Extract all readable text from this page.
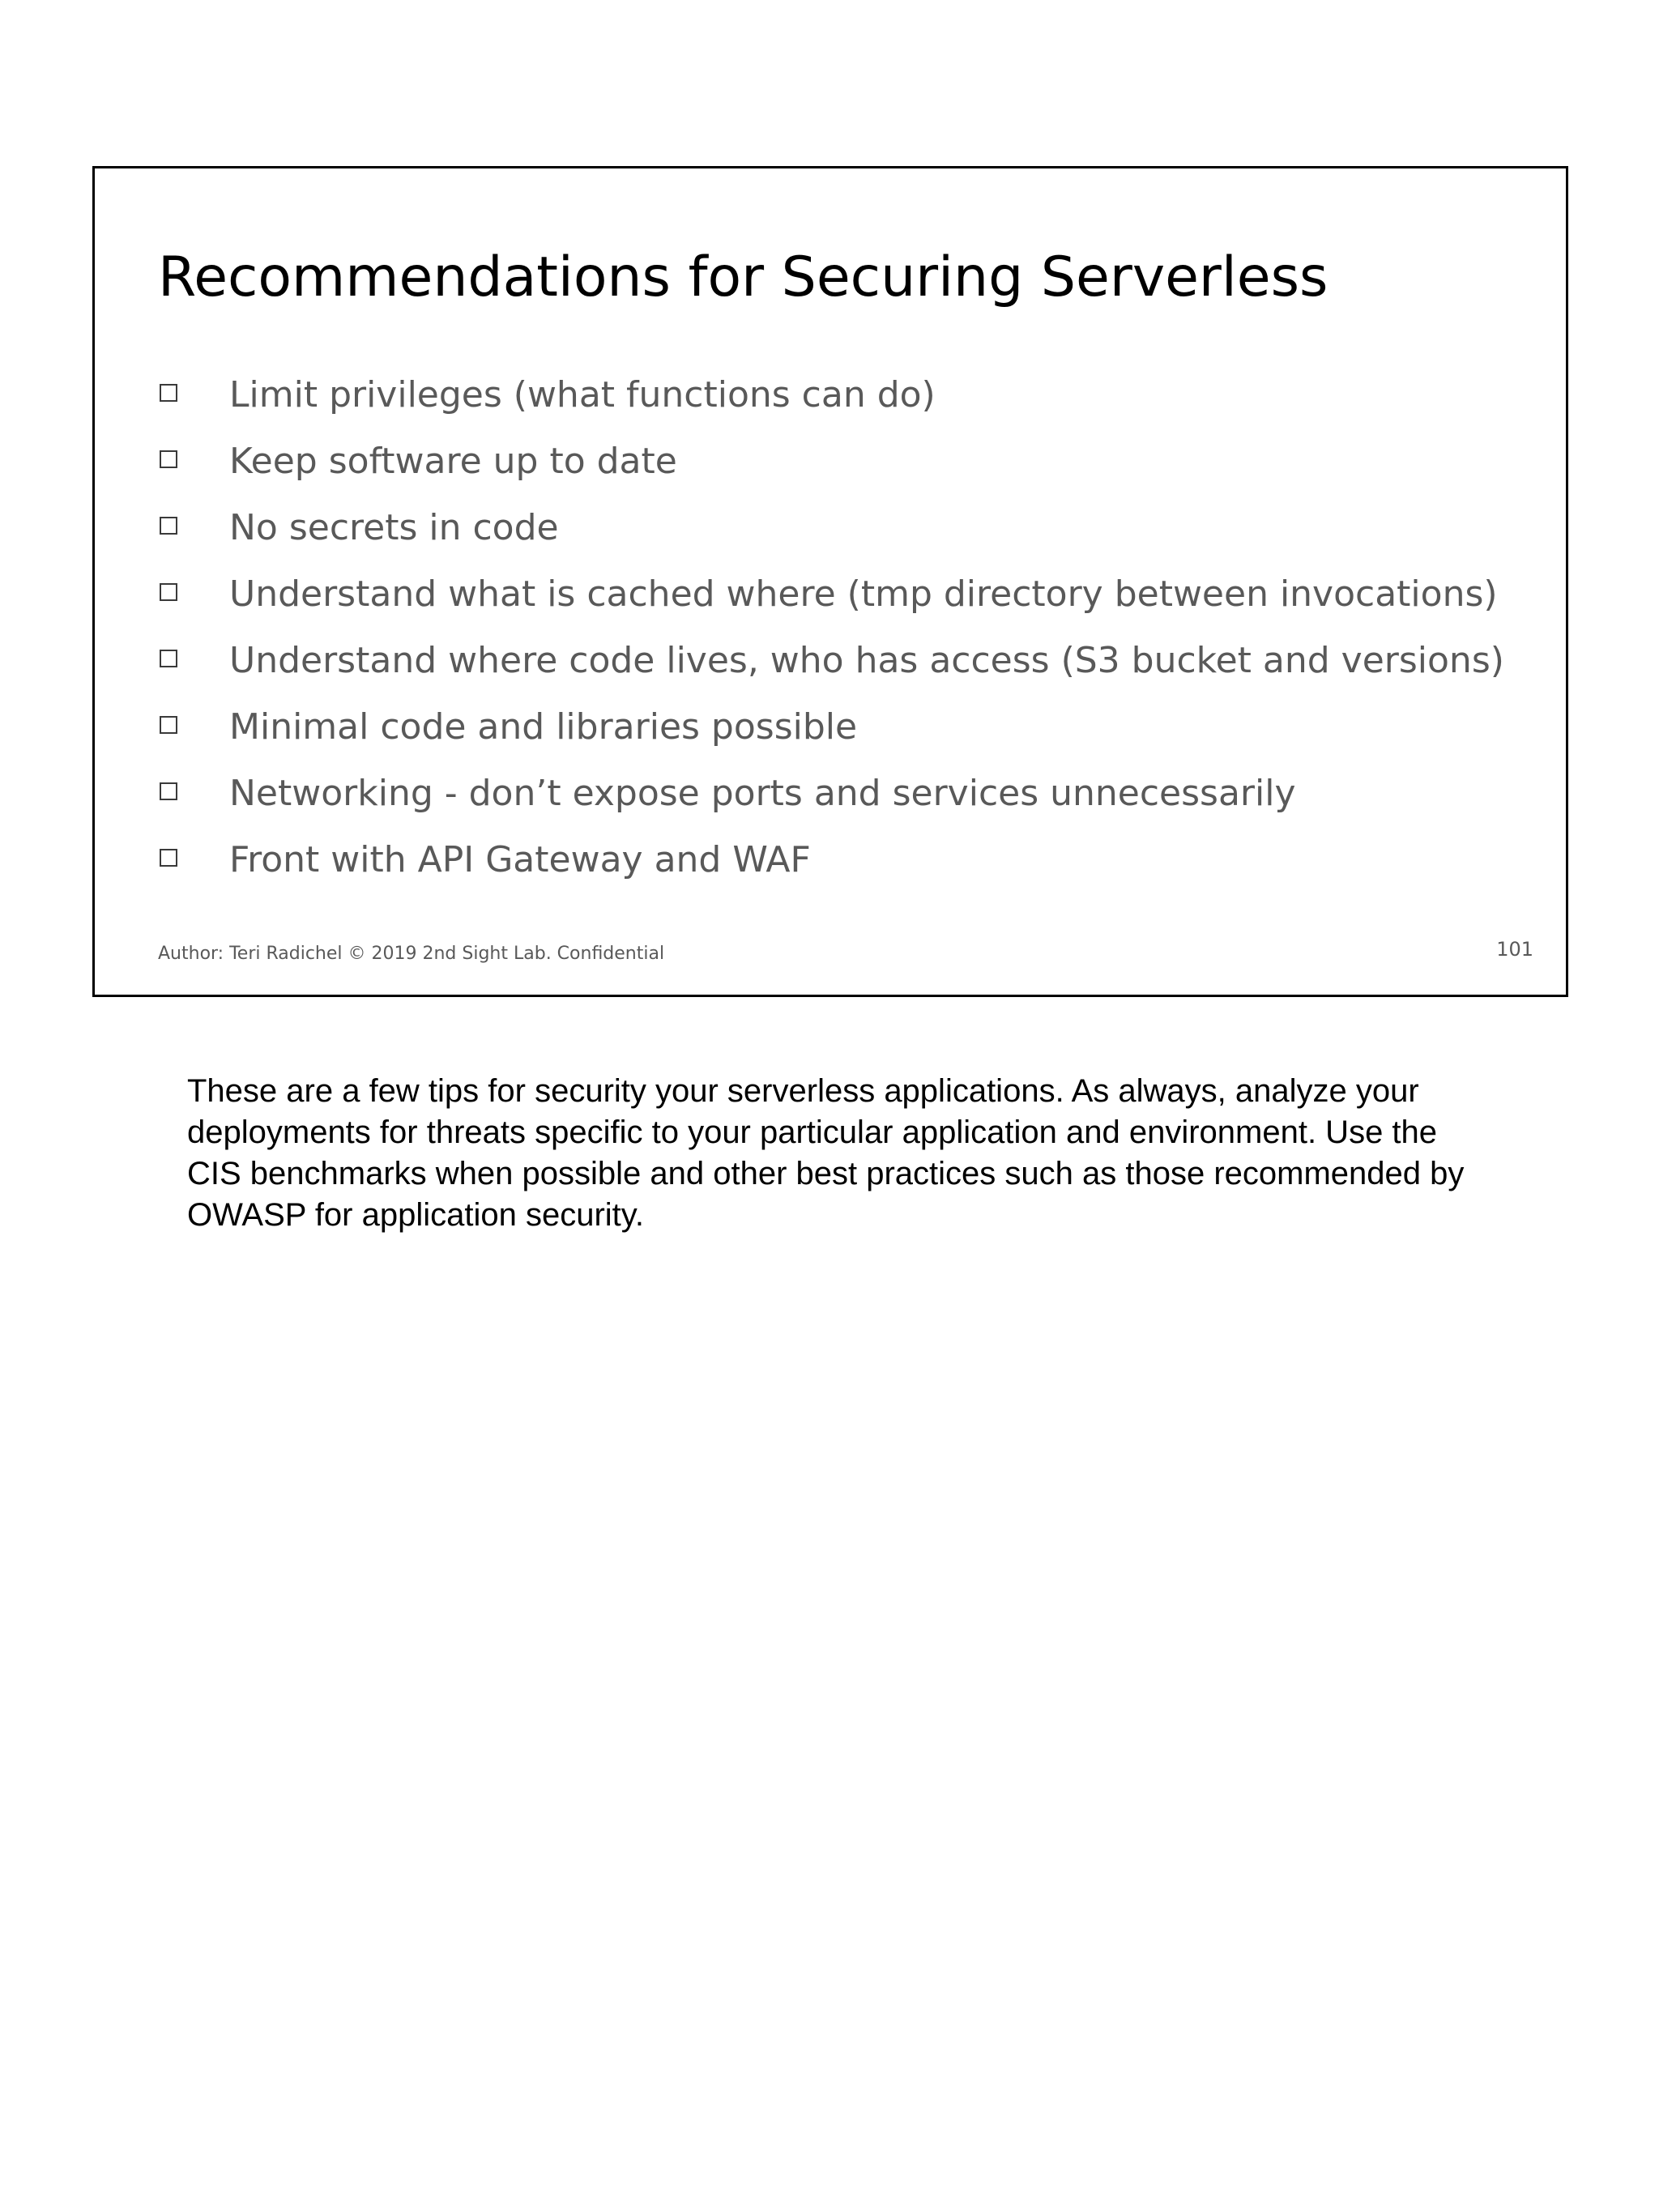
Recommendations for Securing Serverless
Limit privileges (what functions can do)
Keep software up to date
No secrets in code
Understand what is cached where (tmp directory between invocations)
Understand where code lives, who has access (S3 bucket and versions)
Minimal code and libraries possible
Networking - don’t expose ports and services unnecessarily
Front with API Gateway and WAF
Author: Teri Radichel © 2019 2nd Sight Lab. Confidential	101

These are a few tips for security your serverless applications. As always, analyze your deployments for threats specific to your particular application and environment. Use the CIS benchmarks when possible and other best practices such as those recommended by OWASP for application security.
